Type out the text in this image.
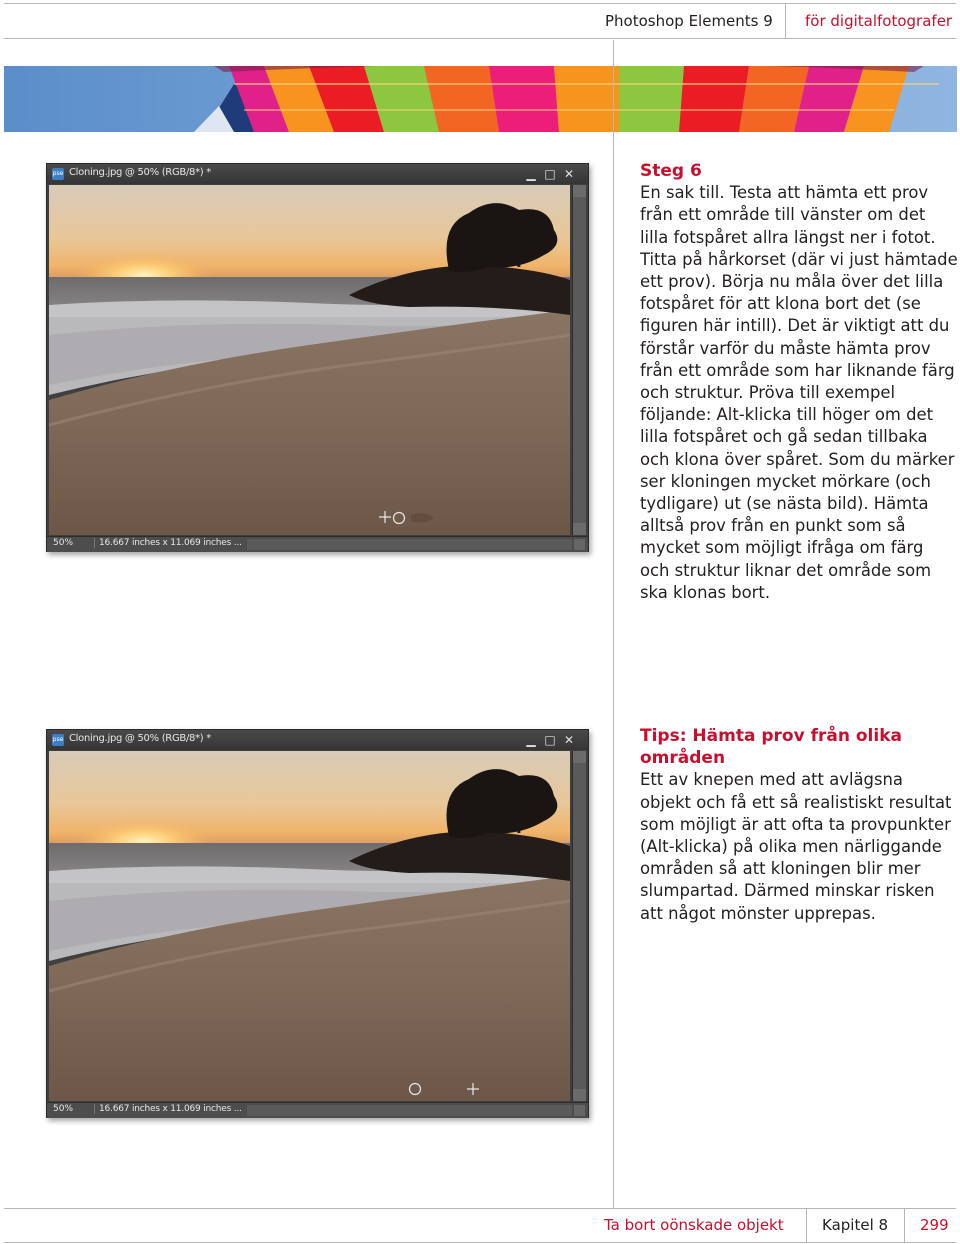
Photoshop Elements 9 för digitalfotografer
pse Cloning.jpg @ 50% (RGB/8*) *	▁ □ ✕
50%	16.667 inches x 11.069 inches ...
pse Cloning.jpg @ 50% (RGB/8*) *	▁ □ ✕
50%	16.667 inches x 11.069 inches ...
Steg 6

En sak till. Testa att hämta ett prov från ett område till vänster om det lilla fotspåret allra längst ner i fotot. Titta på hårkorset (där vi just hämtade ett prov). Börja nu måla över det lilla fotspåret för att klona bort det (se figuren här intill). Det är viktigt att du förstår varför du måste hämta prov från ett område som har liknande färg och struktur. Pröva till exempel följande: Alt-klicka till höger om det lilla fotspåret och gå sedan tillbaka och klona över spåret. Som du märker ser kloningen mycket mörkare (och tydligare) ut (se nästa bild). Hämta alltså prov från en punkt som så mycket som möjligt ifråga om färg och struktur liknar det område som ska klonas bort.

Tips: Hämta prov från olika områden

Ett av knepen med att avlägsna objekt och få ett så realistiskt resultat som möjligt är att ofta ta provpunkter (Alt-klicka) på olika men närliggande områden så att kloningen blir mer slumpartad. Därmed minskar risken att något mönster upprepas.

Ta bort oönskade objekt	Kapitel 8 299
